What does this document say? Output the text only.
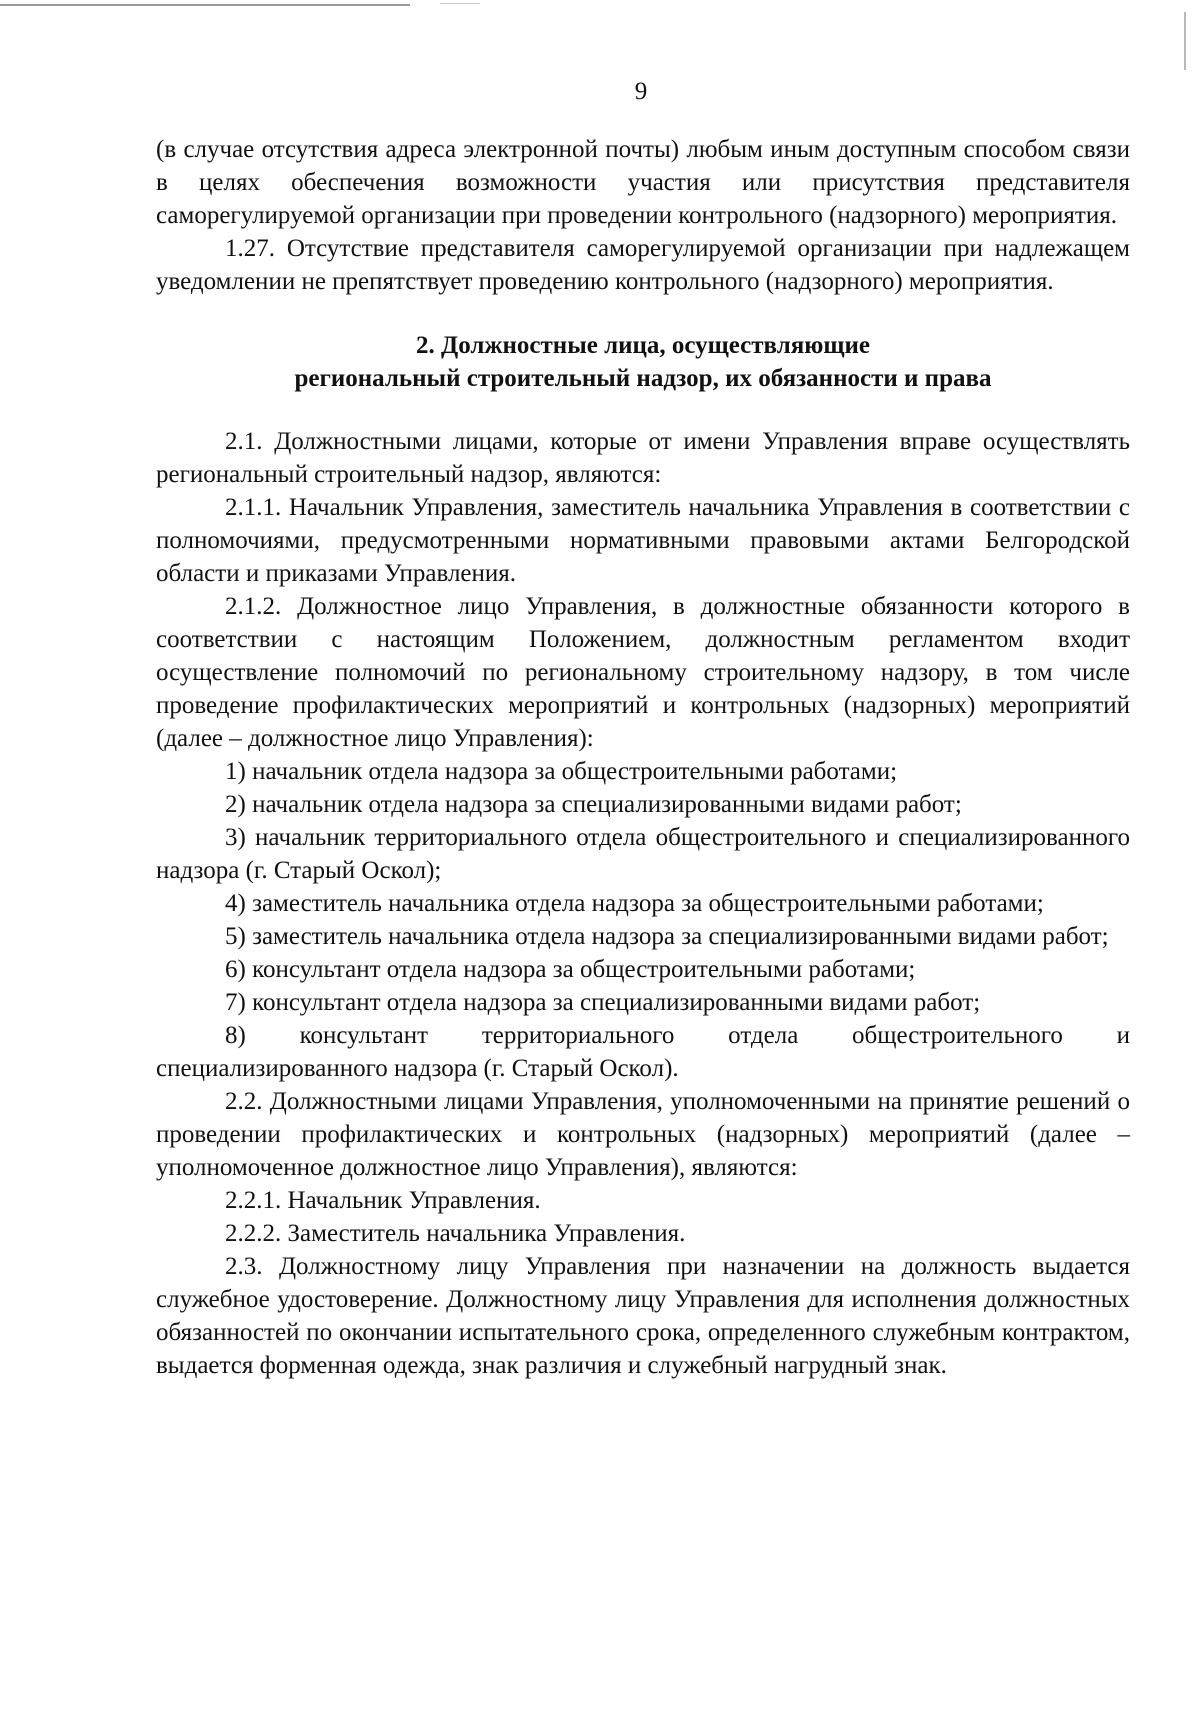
9

(в случае отсутствия адреса электронной почты) любым иным доступным способом связи в целях обеспечения возможности участия или присутствия представителя саморегулируемой организации при проведении контрольного (надзорного) мероприятия.

1.27. Отсутствие представителя саморегулируемой организации при надлежащем уведомлении не препятствует проведению контрольного (надзорного) мероприятия.

2. Должностные лица, осуществляющие

региональный строительный надзор, их обязанности и права

2.1. Должностными лицами, которые от имени Управления вправе осуществлять региональный строительный надзор, являются:

2.1.1. Начальник Управления, заместитель начальника Управления в соответствии с полномочиями, предусмотренными нормативными правовыми актами Белгородской области и приказами Управления.

2.1.2. Должностное лицо Управления, в должностные обязанности которого в соответствии с настоящим Положением, должностным регламентом входит осуществление полномочий по региональному строительному надзору, в том числе проведение профилактических мероприятий и контрольных (надзорных) мероприятий (далее – должностное лицо Управления):

1) начальник отдела надзора за общестроительными работами;

2) начальник отдела надзора за специализированными видами работ;

3) начальник территориального отдела общестроительного и специализированного надзора (г. Старый Оскол);

4) заместитель начальника отдела надзора за общестроительными работами;

5) заместитель начальника отдела надзора за специализированными видами работ;

6) консультант отдела надзора за общестроительными работами;

7) консультант отдела надзора за специализированными видами работ;

8) консультант территориального отдела общестроительного и специализированного надзора (г. Старый Оскол).

2.2. Должностными лицами Управления, уполномоченными на принятие решений о проведении профилактических и контрольных (надзорных) мероприятий (далее – уполномоченное должностное лицо Управления), являются:

2.2.1. Начальник Управления.

2.2.2. Заместитель начальника Управления.

2.3. Должностному лицу Управления при назначении на должность выдается служебное удостоверение. Должностному лицу Управления для исполнения должностных обязанностей по окончании испытательного срока, определенного служебным контрактом, выдается форменная одежда, знак различия и служебный нагрудный знак.
